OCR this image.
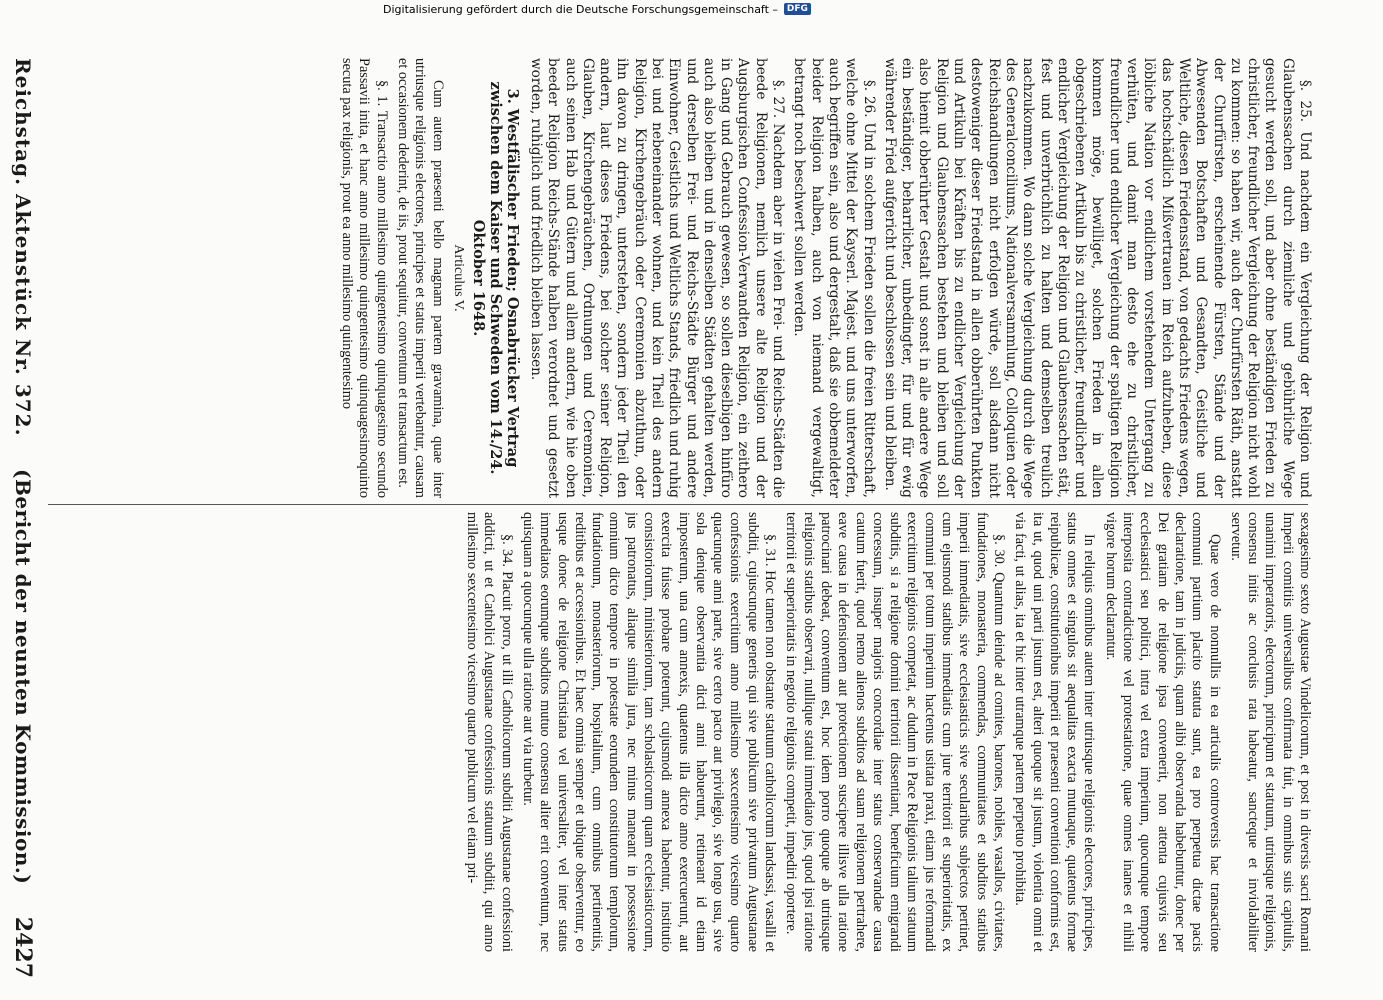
Reichstag. Aktenstück Nr. 372.
(Bericht der neunten Kommission.)
2427

§. 25. Und nachdem ein Vergleichung der Religion und Glaubenssachen durch ziemliche und gebührliche Wege gesucht werden soll, und aber ohne beständigen Frieden zu christlicher, freundlicher Vergleichung der Religion nicht wohl zu kommen: so haben wir, auch der Churfürsten Räth, anstatt der Churfürsten, erscheinende Fürsten, Stände und der Abwesenden Botschaften und Gesandten, Geistliche und Weltliche, diesen Friedensstand, von gedachts Friedens wegen, das hochschädlich Mißvertrauen im Reich aufzuheben, diese löbliche Nation vor endlichem vorstehendem Untergang zu verhüten, und damit man desto ehe zu christlicher, freundlicher und endlicher Vergleichung der spaltigen Religion kommen möge, bewilliget, solchen Frieden in allen obgeschriebenen Artikuln bis zu christlicher, freundlicher und endlicher Vergleichung der Religion und Glaubenssachen stät, fest und unverbrüchlich zu halten und demselben treulich nachzukommen. Wo dann solche Vergleichung durch die Wege des Generalconciliums, Nationalversammlung, Colloquien oder Reichshandlungen nicht erfolgen würde, soll alsdann nicht destoweniger dieser Friedstand in allen obberührten Punkten und Artikuln bei Kräften bis zu endlicher Vergleichung der Religion und Glaubenssachen bestehen und bleiben und soll also hiemit obberührter Gestalt und sonst in alle andere Wege ein beständiger, beharrlicher, unbedingter, für und für ewig währender Fried aufgericht und beschlossen sein und bleiben.

§. 26. Und in solchem Frieden sollen die freien Ritterschaft, welche ohne Mittel der Kayserl. Majest. und uns unterworfen, auch begriffen sein, also und dergestalt, daß sie obbemeldeter beider Religion halben, auch von niemand vergewaltigt, betrangt noch beschwert sollen werden.

§. 27. Nachdem aber in vielen Frei- und Reichs-Städten die beede Religionen, nemlich unsere alte Religion und der Augsburgischen Confession-Verwandten Religion, ein zeithero in Gang und Gebrauch gewesen, so sollen dieselbigen hinfüro auch also bleiben und in denselben Städten gehalten werden, und derselben Frei- und Reichs-Städte Bürger und andere Einwohner, Geistlichs und Weltlichs Stands, friedlich und ruhig bei und nebeneinander wohnen, und kein Theil des andern Religion, Kirchengebräuch oder Ceremonien abzuthun, oder ihn davon zu dringen, unterstehen, sondern jeder Theil den andern, laut dieses Friedens, bei solcher seiner Religion, Glauben, Kirchengebräuchen, Ordnungen und Ceremonien, auch seinen Hab und Gütern und allem andern, wie hie oben beeder Religion Reichs-Stände halben verordnet und gesetzt worden, ruhiglich und friedlich bleiben lassen.

3. Westfälischer Frieden; Osnabrücker Vertrag zwischen dem Kaiser und Schweden vom 14./24. Oktober 1648.

Articulus V.

Cum autem praesenti bello magnam partem gravamina, quae inter utriusque religionis electores, principes et status imperii vertebantur, causam et occasionem dederint, de iis, prout sequitur, conventum et transactum est.

§. 1. Transactio anno millesimo quingentesimo quinquagesimo secundo Passavii inita, et hanc anno millesimo quingentesimo quinquagesimoquinto secuta pax religionis, prout ea anno millesimo quingentesimo

sexagesimo sexto Augustae Vindelicorum, et post in diversis sacri Romani Imperii comitiis universalibus confirmata fuit, in omnibus suis capitulis, unanimi imperatoris, electorum, principum et statuum, utriusque religionis, consensu initis ac conclusis rata habeatur, sancteque et inviolabiliter servetur.

Quae vero de nonnullis in ea articulis controversis hac transactione communi partium placito statuta sunt, ea pro perpetua dictae pacis declaratione, tam in judiciis, quam alibi observanda habebuntur, donec per Dei gratiam de religione ipsa convenerit, non attenta cujusvis seu ecclesiastici seu politici, intra vel extra imperium, quocunque tempore interposita contradictione vel protestatione, quae omnes inanes et nihili vigore horum declarantur.

In reliquis omnibus autem inter utriusque religionis electores, principes, status omnes et singulos sit aequalitas exacta mutuaque, quatenus formae reipublicae, constitutionibus imperii et praesenti conventioni conformis est, ita ut, quod uni parti justum est, alteri quoque sit justum, violentia omni et via facti, ut alias, ita et hic inter utramque partem perpetuo prohibita.

§. 30. Quantum deinde ad comites, barones, nobiles, vasallos, civitates, fundationes, monasteria, commendas, communitates et subditos statibus imperii immediatis, sive ecclesiasticis sive secularibus subjectos pertinet, cum ejusmodi statibus immediatis cum jure territorii et superioritatis, ex communi per totum imperium hactenus usitata praxi, etiam jus reformandi exercitium religionis competat, ac dudum in Pace Religionis talium statuum subditis, si a religione domini territorii dissentiant, beneficium emigrandi concessum, insuper majoris concordiae inter status conservandae causa cautum fuerit, quod nemo alienos subditos ad suam religionem pertrahere, eave causa in defensionem aut protectionem suscipere illisve ulla ratione patrocinari debeat, conventum est, hoc idem porro quoque ab utriusque religionis statibus observari, nullique statui immediato jus, quod ipsi ratione territorii et superioritatis in negotio religionis competit, impediri oportere.

§. 31. Hoc tamen non obstante statuum catholicorum landsassi, vasalli et subditi, cujuscunque generis qui sive publicum sive privatum Augustanae confessionis exercitium anno millesimo sexcentesimo vicesimo quarto quacunque anni parte, sive certo pacto aut privilegio, sive longo usu, sive sola denique observantia dicti anni habuerunt, retineant id etiam imposterum, una cum annexis, quatenus illa dicto anno exercuerunt, aut exercita fuisse probare poterunt, cujusmodi annexa habentur, institutio consistoriorum, ministeriorum, tam scholasticorum quam ecclesiasticorum, jus patronatus, aliaque similia jura, nec minus maneant in possessione omnium dicto tempore in potestate eorundem constitutorum templorum, fundationum, monasteriorum, hospitalium, cum omnibus pertinentiis, reditibus et accessionibus. Et haec omnia semper et ubique observentur, eo usque donec de religione Christiana vel universaliter, vel inter status immediatos eorumque subditos mutuo consensu aliter erit conventum, nec quisquam a quocunque ulla ratione aut via turbetur.

§. 34. Placuit porro, ut illi Catholicorum subditi Augustanae confessioni addicti, ut et Catholici Augustanae confessionis statuum subditi, qui anno millesimo sexcentesimo vicesimo quarto publicum vel etiam pri-

Digitalisierung gefördert durch die Deutsche Forschungsgemeinschaft –	DFG
